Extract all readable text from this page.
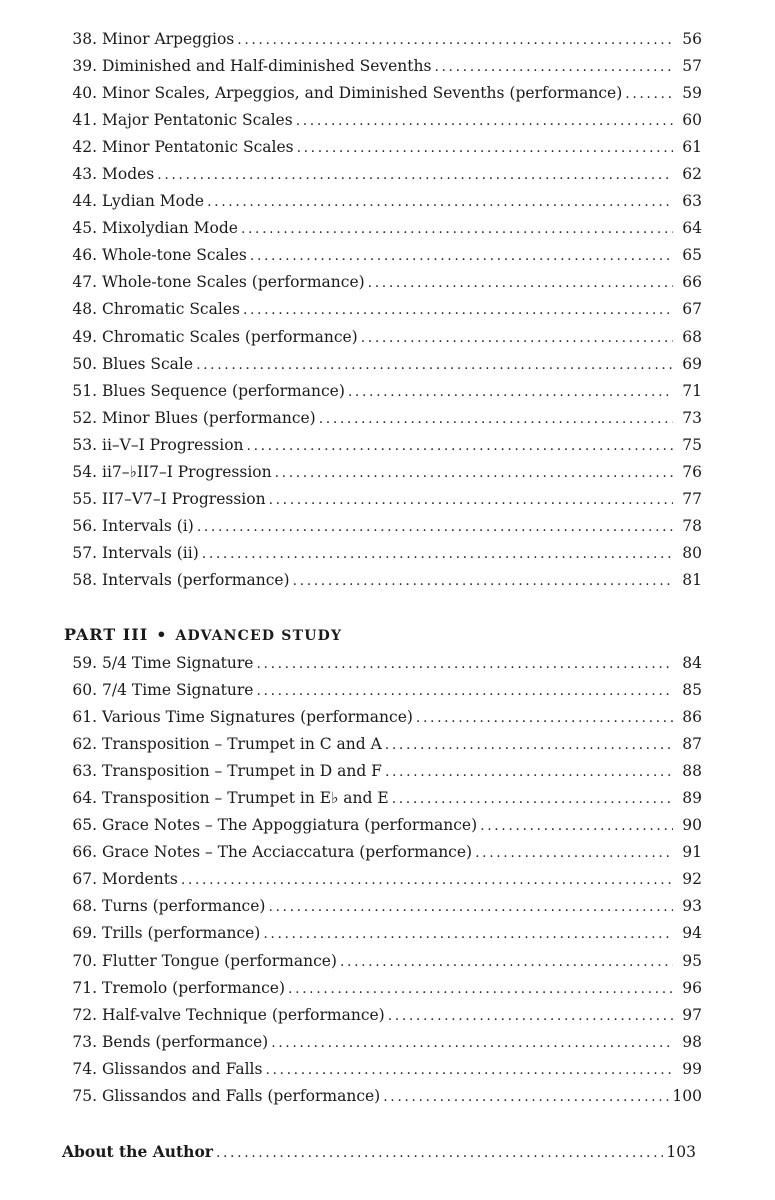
38. Minor Arpeggios .....	56
39. Diminished and Half-diminished Sevenths .....	57
40. Minor Scales, Arpeggios, and Diminished Sevenths (performance) .....	59
41. Major Pentatonic Scales .....	60
42. Minor Pentatonic Scales .....	61
43. Modes .....	62
44. Lydian Mode .....	63
45. Mixolydian Mode .....	64
46. Whole-tone Scales .....	65
47. Whole-tone Scales (performance) .....	66
48. Chromatic Scales .....	67
49. Chromatic Scales (performance) .....	68
50. Blues Scale .....	69
51. Blues Sequence (performance) .....	71
52. Minor Blues (performance) .....	73
53. ii–V–I Progression .....	75
54. ii7–♭II7–I Progression .....	76
55. II7–V7–I Progression .....	77
56. Intervals (i) .....	78
57. Intervals (ii) .....	80
58. Intervals (performance) .....	81
PART III • ADVANCED STUDY
59. 5/4 Time Signature .....	84
60. 7/4 Time Signature .....	85
61. Various Time Signatures (performance) .....	86
62. Transposition – Trumpet in C and A .....	87
63. Transposition – Trumpet in D and F .....	88
64. Transposition – Trumpet in E♭ and E .....	89
65. Grace Notes – The Appoggiatura (performance) .....	90
66. Grace Notes – The Acciaccatura (performance) .....	91
67. Mordents .....	92
68. Turns (performance) .....	93
69. Trills (performance) .....	94
70. Flutter Tongue (performance) .....	95
71. Tremolo (performance) .....	96
72. Half-valve Technique (performance) .....	97
73. Bends (performance) .....	98
74. Glissandos and Falls .....	99
75. Glissandos and Falls (performance) .....	100
About the Author .....	103
